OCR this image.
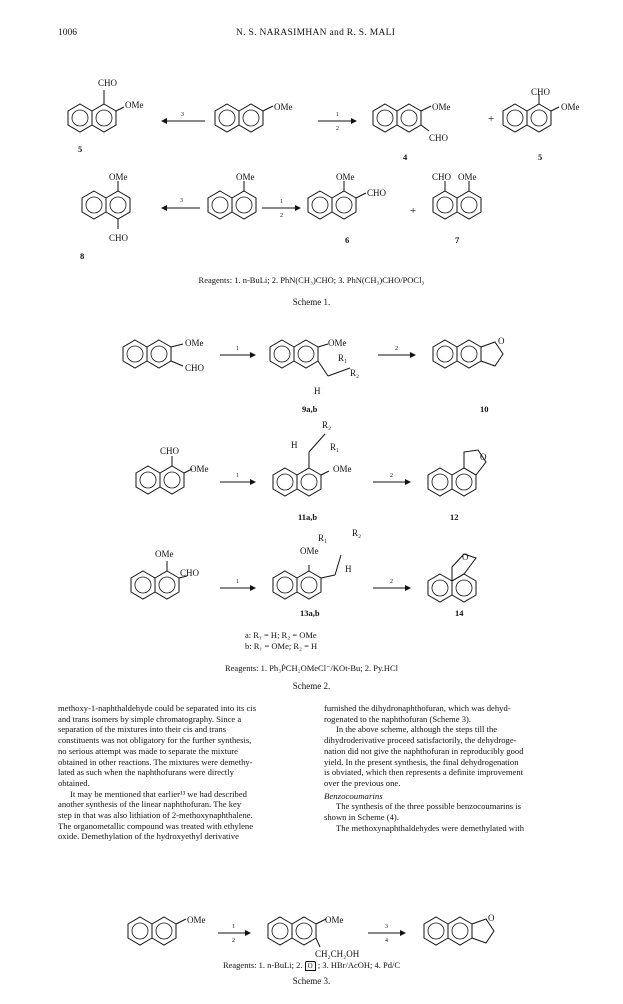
1006	N. S. NARASIMHAN and R. S. MALI
CHO
OMe
5
3
OMe
1
2
OMe
CHO
4
+
CHO
OMe
5
OMe
CHO
8
3
OMe
1
2
OMe
CHO
6
+
CHO OMe
7
Reagents: 1. n-BuLi; 2. PhN(CH₃)CHO; 3. PhN(CH₃)CHO/POCl₃
Scheme 1.
OMe
CHO
1
OMe
R₁
R₂
H
9a,b
2
O
10
CHO
OMe
1
R₂
H	R₁
OMe
11a,b
2
O
12
OMe
CHO
1
R₁	R₂
OMe
H
13a,b
2
O
14
a: R₁ = H; R₂ = OMe
b: R₁ = OMe; R₂ = H
Reagents: 1. Ph₃ṖCH₂OMeCl⁻/KOt-Bu; 2. Py.HCl
Scheme 2.
methoxy-1-naphthaldehyde could be separated into its cis
and trans isomers by simple chromatography. Since a
separation of the mixtures into their cis and trans
constituents was not obligatory for the further synthesis,
no serious attempt was made to separate the mixture
obtained in other reactions. The mixtures were demethy-
lated as such when the naphthofurans were directly
obtained.
It may be mentioned that earlier¹³ we had described
another synthesis of the linear naphthofuran. The key
step in that was also lithiation of 2-methoxynaphthalene.
The organometallic compound was treated with ethylene
oxide. Demethylation of the hydroxyethyl derivative
furnished the dihydronaphthofuran, which was dehyd-
rogenated to the naphthofuran (Scheme 3).
In the above scheme, although the steps till the
dihydroderivative proceed satisfactorily, the dehydroge-
nation did not give the naphthofuran in reproducibly good
yield. In the present synthesis, the final dehydrogenation
is obviated, which then represents a definite improvement
over the previous one.
Benzocoumarins
The synthesis of the three possible benzocoumarins is
shown in Scheme (4).
The methoxynaphthaldehydes were demethylated with
OMe
1
2
OMe
CH₂CH₂OH
3
4
O
Reagents: 1. n-BuLi; 2. O ; 3. HBr/AcOH; 4. Pd/C
Scheme 3.
